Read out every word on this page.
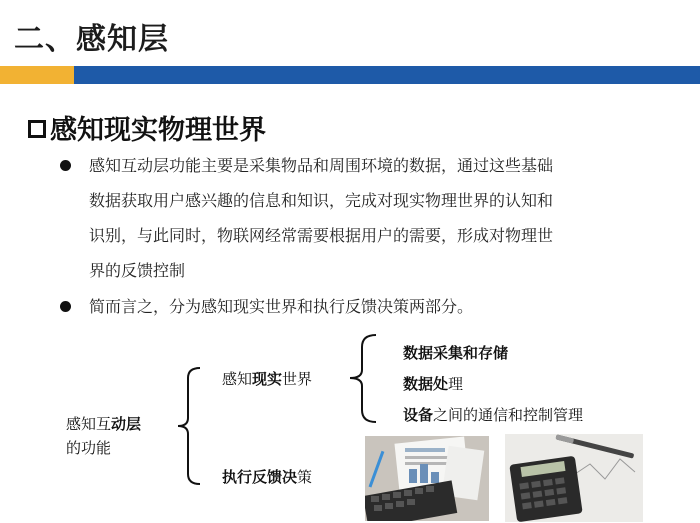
二、感知层
感知现实物理世界
感知互动层功能主要是采集物品和周围环境的数据，通过这些基础
数据获取用户感兴趣的信息和知识，完成对现实物理世界的认知和
识别，与此同时，物联网经常需要根据用户的需要，形成对物理世
界的反馈控制
简而言之，分为感知现实世界和执行反馈决策两部分。
感知互动层
的功能
感知现实世界
执行反馈决策
数据采集和存储
数据处理
设备之间的通信和控制管理
